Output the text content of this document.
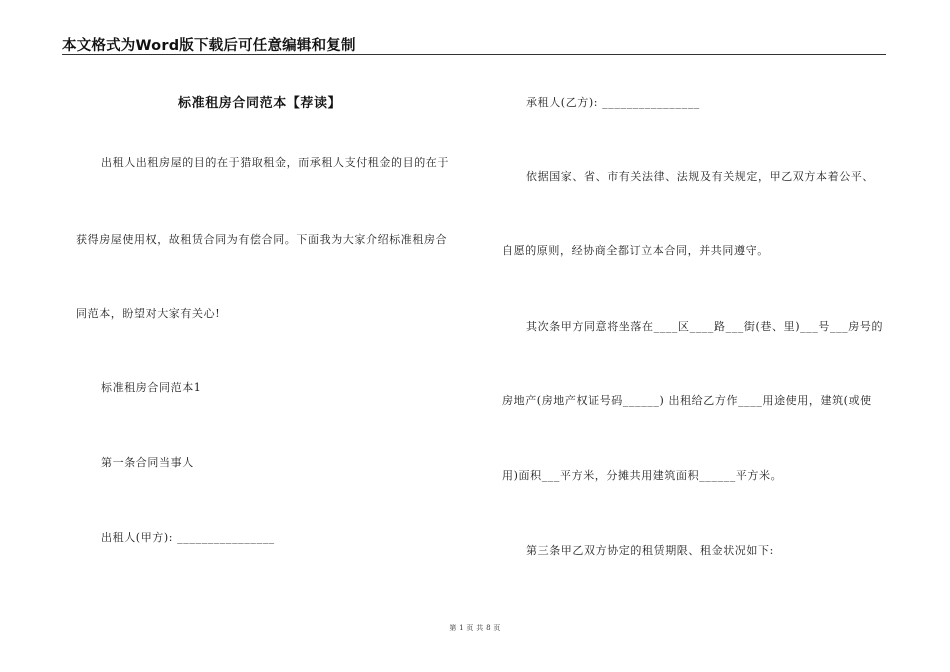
本文格式为Word版下载后可任意编辑和复制
标准租房合同范本【荐读】
出租人出租房屋的目的在于猎取租金，而承租人支付租金的目的在于
获得房屋使用权，故租赁合同为有偿合同。下面我为大家介绍标准租房合
同范本，盼望对大家有关心!
标准租房合同范本1
第一条合同当事人
出租人(甲方): ________________
承租人(乙方): ________________
依据国家、省、市有关法律、法规及有关规定，甲乙双方本着公平、
自愿的原则，经协商全都订立本合同，并共同遵守。
其次条甲方同意将坐落在____区____路___街(巷、里)___号___房号的
房地产(房地产权证号码______) 出租给乙方作____用途使用，建筑(或使
用)面积___平方米，分摊共用建筑面积______平方米。
第三条甲乙双方协定的租赁期限、租金状况如下:
第 1 页 共 8 页
